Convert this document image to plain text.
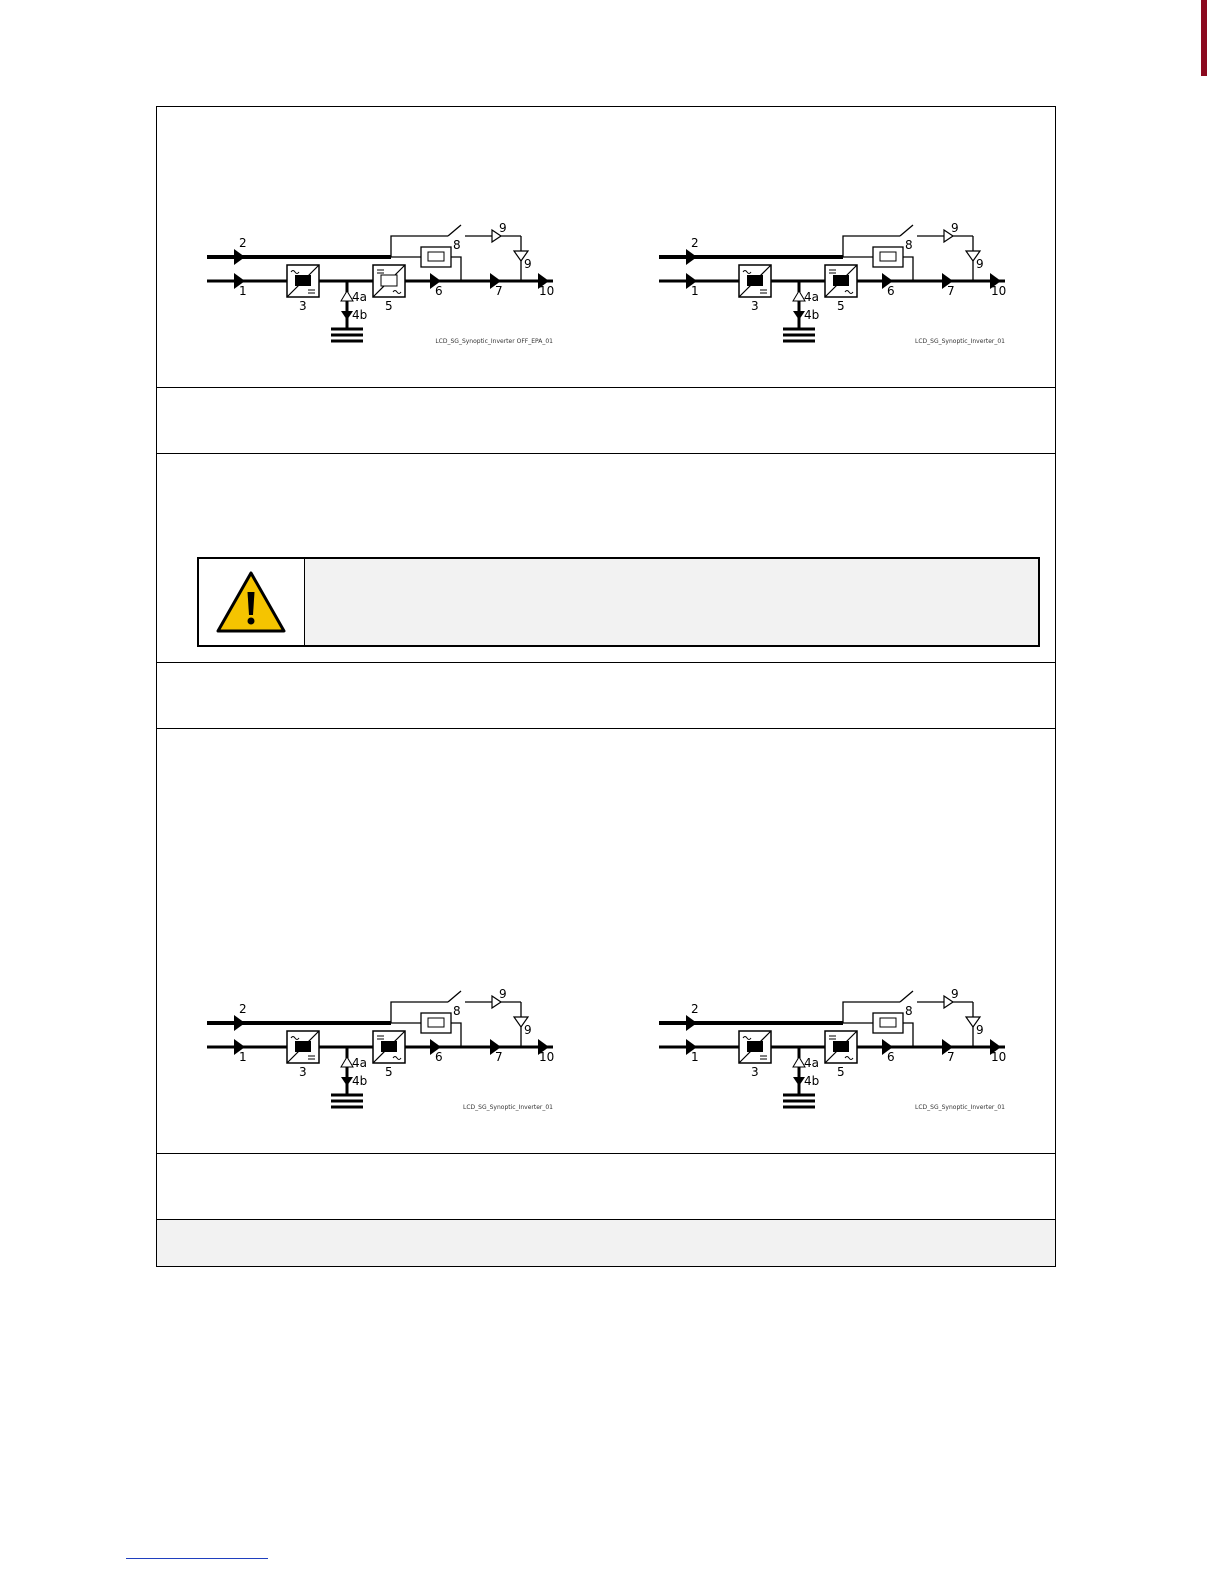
2
9
9
8
1
3
4a
4b
5
6	7	10
LCD_SG_Synoptic_Inverter OFF_EPA_01
2
9
9
8
1
3
4a
4b
5
6	7	10
LCD_SG_Synoptic_Inverter_01
2
9
9
8
1
3
4a
4b
5
6	7	10
LCD_SG_Synoptic_Inverter_01
2
9
9
8
1
3
4a
4b
5
6	7	10
LCD_SG_Synoptic_Inverter_01
